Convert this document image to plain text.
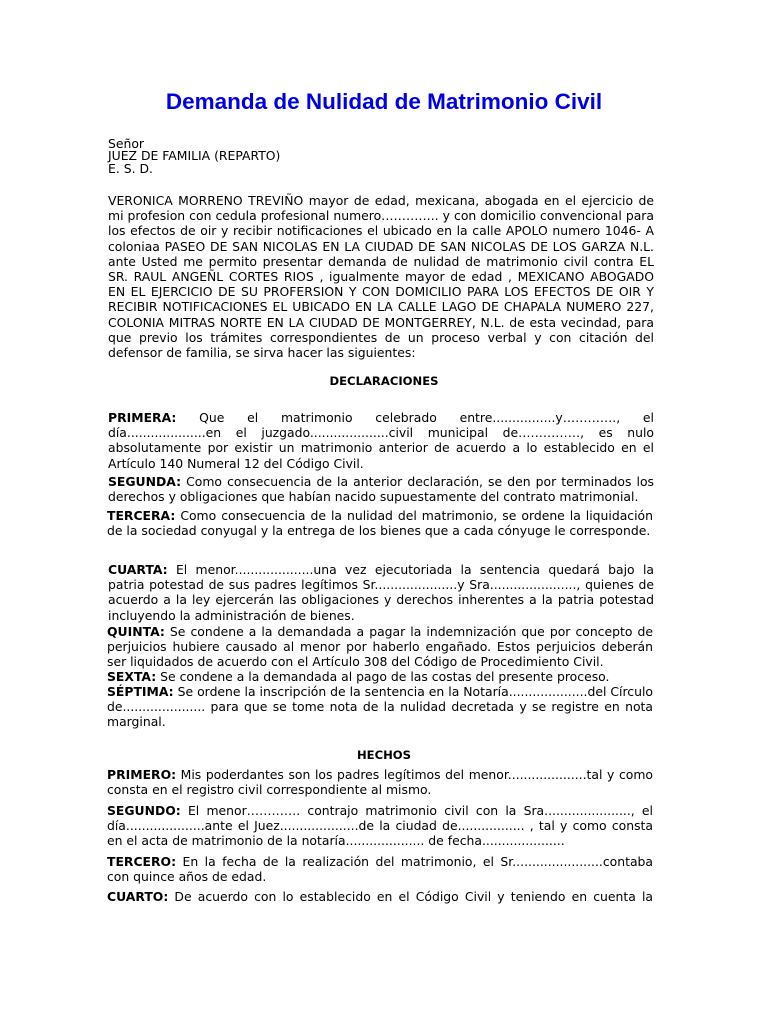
Demanda de Nulidad de Matrimonio Civil
Señor
JUEZ DE FAMILIA (REPARTO)
E. S. D.
VERONICA MORRENO TREVIÑO mayor de edad, mexicana, abogada en el ejercicio de mi profesion con cedula profesional numero………….. y con domicilio convencional para los efectos de oir y recibir notificaciones el ubicado en la calle APOLO numero 1046- A coloniaa PASEO DE SAN NICOLAS EN LA CIUDAD DE SAN NICOLAS DE LOS GARZA N.L. ante Usted me permito presentar demanda de nulidad de matrimonio civil contra EL SR. RAUL ANGEÑL CORTES RIOS , igualmente mayor de edad , MEXICANO ABOGADO EN EL EJERCICIO DE SU PROFERSION Y CON DOMICILIO PARA LOS EFECTOS DE OIR Y RECIBIR NOTIFICACIONES EL UBICADO EN LA CALLE LAGO DE CHAPALA NUMERO 227, COLONIA MITRAS NORTE EN LA CIUDAD DE MONTGERREY, N.L. de esta vecindad, para que previo los trámites correspondientes de un proceso verbal y con citación del defensor de familia, se sirva hacer las siguientes:
DECLARACIONES
PRIMERA: Que el matrimonio celebrado entre................y…………., el día....................en el juzgado....................civil municipal de……………, es nulo absolutamente por existir un matrimonio anterior de acuerdo a lo establecido en el Artículo 140 Numeral 12 del Código Civil.
SEGUNDA: Como consecuencia de la anterior declaración, se den por terminados los derechos y obligaciones que habían nacido supuestamente del contrato matrimonial.
TERCERA: Como consecuencia de la nulidad del matrimonio, se ordene la liquidación de la sociedad conyugal y la entrega de los bienes que a cada cónyuge le corresponde.
CUARTA: El menor....................una vez ejecutoriada la sentencia quedará bajo la patria potestad de sus padres legítimos Sr.....................y Sra......................, quienes de acuerdo a la ley ejercerán las obligaciones y derechos inherentes a la patria potestad incluyendo la administración de bienes.
QUINTA: Se condene a la demandada a pagar la indemnización que por concepto de perjuicios hubiere causado al menor por haberlo engañado. Estos perjuicios deberán ser liquidados de acuerdo con el Artículo 308 del Código de Procedimiento Civil.
SEXTA: Se condene a la demandada al pago de las costas del presente proceso.
SÉPTIMA: Se ordene la inscripción de la sentencia en la Notaría....................del Círculo de..................... para que se tome nota de la nulidad decretada y se registre en nota marginal.
HECHOS
PRIMERO: Mis poderdantes son los padres legítimos del menor....................tal y como consta en el registro civil correspondiente al mismo.
SEGUNDO: El menor…………. contrajo matrimonio civil con la Sra......................, el día....................ante el Juez....................de la ciudad de................. , tal y como consta en el acta de matrimonio de la notaría.................... de fecha.....................
TERCERO: En la fecha de la realización del matrimonio, el Sr.......................contaba con quince años de edad.
CUARTO: De acuerdo con lo establecido en el Código Civil y teniendo en cuenta la
